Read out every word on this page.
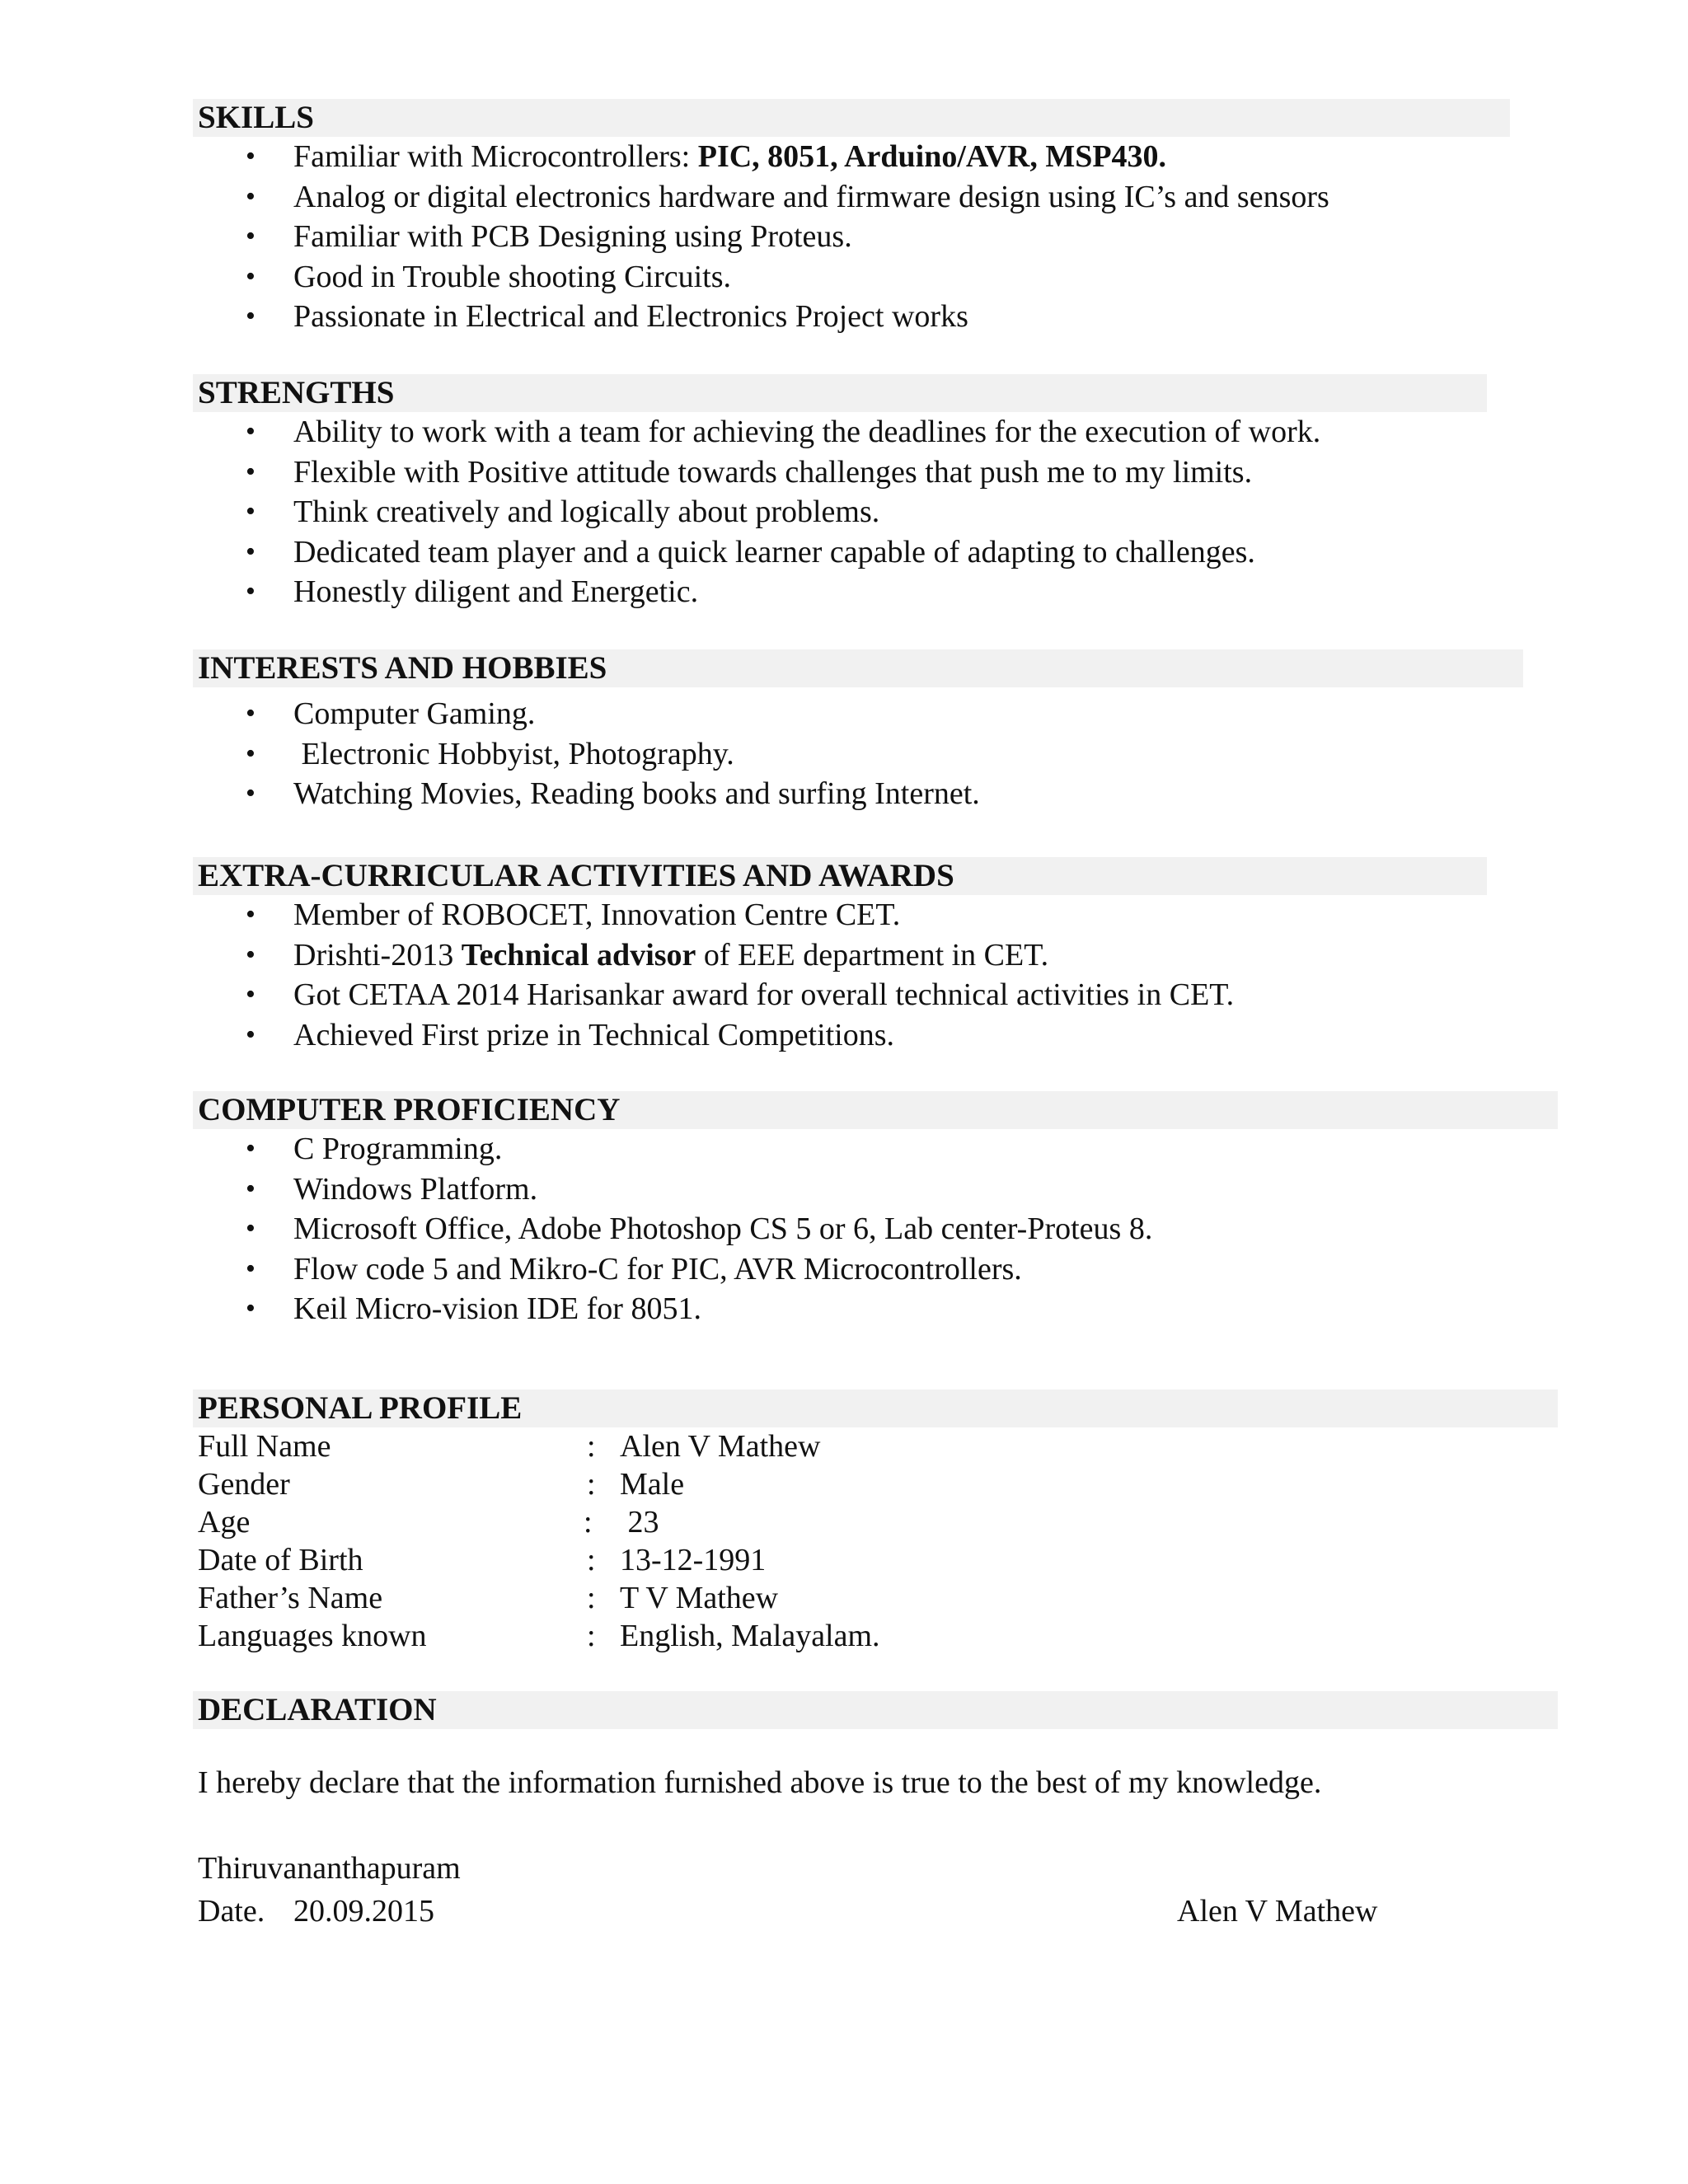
SKILLS
• Familiar with Microcontrollers: PIC, 8051, Arduino/AVR, MSP430.
• Analog or digital electronics hardware and firmware design using IC’s and sensors
• Familiar with PCB Designing using Proteus.
• Good in Trouble shooting Circuits.
• Passionate in Electrical and Electronics Project works
STRENGTHS
• Ability to work with a team for achieving the deadlines for the execution of work.
• Flexible with Positive attitude towards challenges that push me to my limits.
• Think creatively and logically about problems.
• Dedicated team player and a quick learner capable of adapting to challenges.
• Honestly diligent and Energetic.
INTERESTS AND HOBBIES
• Computer Gaming.
• Electronic Hobbyist, Photography.
• Watching Movies, Reading books and surfing Internet.
EXTRA-CURRICULAR ACTIVITIES AND AWARDS
• Member of ROBOCET, Innovation Centre CET.
• Drishti-2013 Technical advisor of EEE department in CET.
• Got CETAA 2014 Harisankar award for overall technical activities in CET.
• Achieved First prize in Technical Competitions.
COMPUTER PROFICIENCY
• C Programming.
• Windows Platform.
• Microsoft Office, Adobe Photoshop CS 5 or 6, Lab center-Proteus 8.
• Flow code 5 and Mikro-C for PIC, AVR Microcontrollers.
• Keil Micro-vision IDE for 8051.
PERSONAL PROFILE
Full Name	: Alen V Mathew
Gender	: Male
Age	: 23
Date of Birth	: 13-12-1991
Father’s Name	: T V Mathew
Languages known	: English, Malayalam.
DECLARATION
I hereby declare that the information furnished above is true to the best of my knowledge.
Thiruvananthapuram
Date. 20.09.2015	Alen V Mathew
